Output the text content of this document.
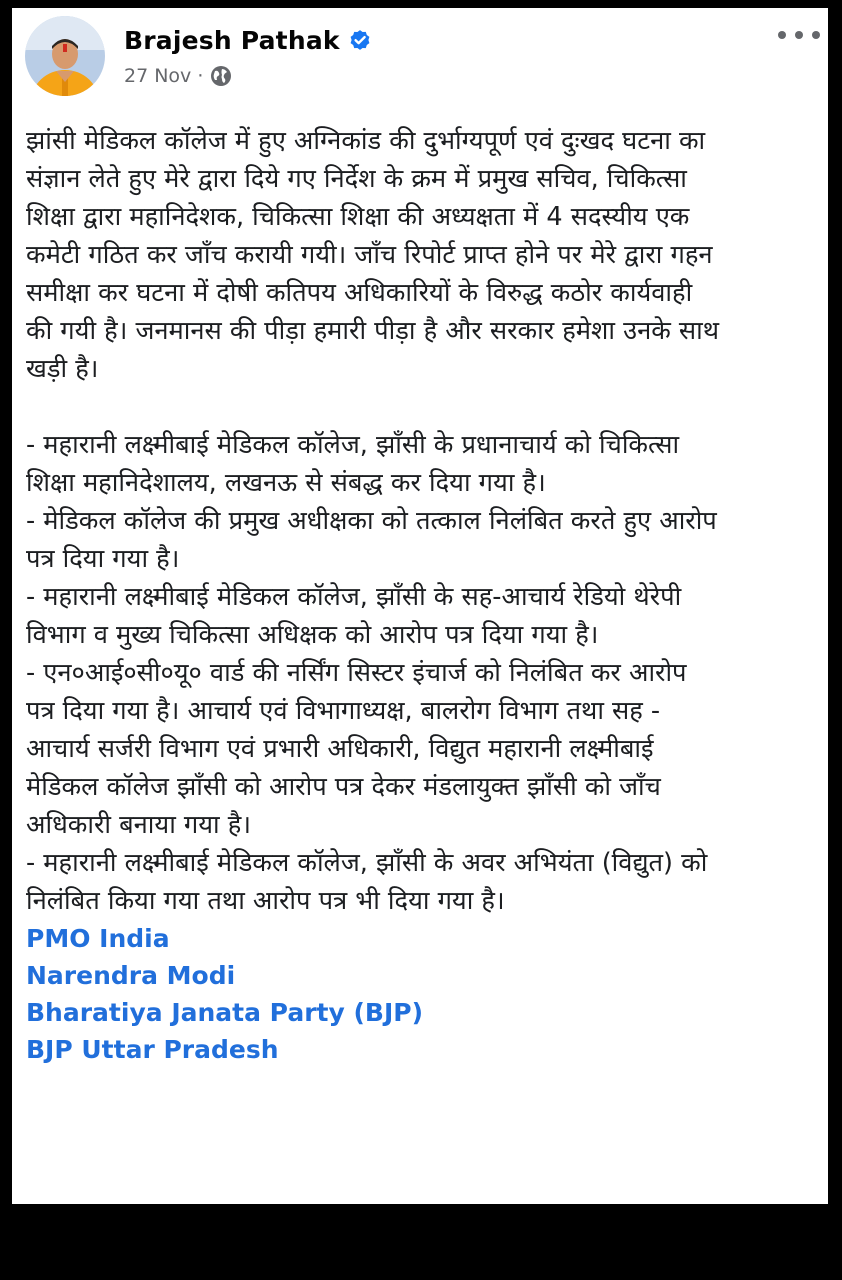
Brajesh Pathak
27 Nov ·

झांसी मेडिकल कॉलेज में हुए अग्निकांड की दुर्भाग्यपूर्ण एवं दुःखद घटना का
संज्ञान लेते हुए मेरे द्वारा दिये गए निर्देश के क्रम में प्रमुख सचिव, चिकित्सा
शिक्षा द्वारा महानिदेशक, चिकित्सा शिक्षा की अध्यक्षता में 4 सदस्यीय एक
कमेटी गठित कर जाँच करायी गयी। जाँच रिपोर्ट प्राप्त होने पर मेरे द्वारा गहन
समीक्षा कर घटना में दोषी कतिपय अधिकारियों के विरुद्ध कठोर कार्यवाही
की गयी है। जनमानस की पीड़ा हमारी पीड़ा है और सरकार हमेशा उनके साथ
खड़ी है।

- महारानी लक्ष्मीबाई मेडिकल कॉलेज, झाँसी के प्रधानाचार्य को चिकित्सा
शिक्षा महानिदेशालय, लखनऊ से संबद्ध कर दिया गया है।
- मेडिकल कॉलेज की प्रमुख अधीक्षका को तत्काल निलंबित करते हुए आरोप
पत्र दिया गया है।
- महारानी लक्ष्मीबाई मेडिकल कॉलेज, झाँसी के सह-आचार्य रेडियो थेरेपी
विभाग व मुख्य चिकित्सा अधिक्षक को आरोप पत्र दिया गया है।
- एन०आई०सी०यू० वार्ड की नर्सिंग सिस्टर इंचार्ज को निलंबित कर आरोप
पत्र दिया गया है। आचार्य एवं विभागाध्यक्ष, बालरोग विभाग तथा सह -
आचार्य सर्जरी विभाग एवं प्रभारी अधिकारी, विद्युत महारानी लक्ष्मीबाई
मेडिकल कॉलेज झाँसी को आरोप पत्र देकर मंडलायुक्त झाँसी को जाँच
अधिकारी बनाया गया है।
- महारानी लक्ष्मीबाई मेडिकल कॉलेज, झाँसी के अवर अभियंता (विद्युत) को
निलंबित किया गया तथा आरोप पत्र भी दिया गया है।

PMO India
Narendra Modi
Bharatiya Janata Party (BJP)
BJP Uttar Pradesh
